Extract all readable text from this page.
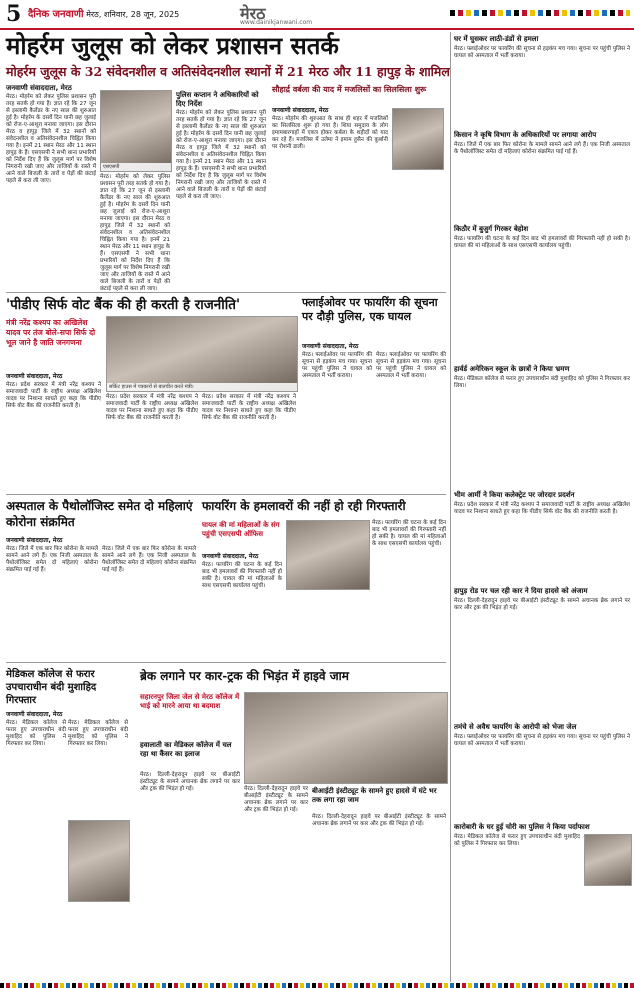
5 दैनिक जनवाणी मेरठ, शनिवार, 28 जून, 2025	मेरठ
www.dainikjanwani.com
मोहर्रम जुलूस को लेकर प्रशासन सतर्क
मोहर्रम जुलूस के 32 संवेदनशील व अतिसंवेदनशील स्थानों में 21 मेरठ और 11 हापुड़ के शामिल
जनवाणी संवाददाता, मेरठ
मेरठ। मोहर्रम को लेकर पुलिस प्रशासन पूरी तरह सतर्क हो गया है। ज्ञात रहे कि 27 जून से इस्लामी कैलेंडर के नए साल की शुरुआत हुई है। मोहर्रम के दसवें दिन यानी छह जुलाई को रोज-ए-आशूरा मनाया जाएगा। इस दौरान मेरठ व हापुड़ जिले में 32 स्थानों को संवेदनशील व अतिसंवेदनशील चिह्नित किया गया है। इनमें 21 स्थान मेरठ और 11 स्थान हापुड़ के हैं। एसएसपी ने सभी थाना प्रभारियों को निर्देश दिए हैं कि जुलूस मार्ग पर विशेष निगरानी रखी जाए और ताजियों के रास्ते में आने वाले बिजली के तारों व पेड़ों की छंटाई पहले से करा ली जाए।
एसएसपी
मेरठ। मोहर्रम को लेकर पुलिस प्रशासन पूरी तरह सतर्क हो गया है। ज्ञात रहे कि 27 जून से इस्लामी कैलेंडर के नए साल की शुरुआत हुई है। मोहर्रम के दसवें दिन यानी छह जुलाई को रोज-ए-आशूरा मनाया जाएगा। इस दौरान मेरठ व हापुड़ जिले में 32 स्थानों को संवेदनशील व अतिसंवेदनशील चिह्नित किया गया है। इनमें 21 स्थान मेरठ और 11 स्थान हापुड़ के हैं। एसएसपी ने सभी थाना प्रभारियों को निर्देश दिए हैं कि जुलूस मार्ग पर विशेष निगरानी रखी जाए और ताजियों के रास्ते में आने वाले बिजली के तारों व पेड़ों की छंटाई पहले से करा ली जाए।
पुलिस कप्तान ने अधिकारियों को दिए निर्देश
मेरठ। मोहर्रम को लेकर पुलिस प्रशासन पूरी तरह सतर्क हो गया है। ज्ञात रहे कि 27 जून से इस्लामी कैलेंडर के नए साल की शुरुआत हुई है। मोहर्रम के दसवें दिन यानी छह जुलाई को रोज-ए-आशूरा मनाया जाएगा। इस दौरान मेरठ व हापुड़ जिले में 32 स्थानों को संवेदनशील व अतिसंवेदनशील चिह्नित किया गया है। इनमें 21 स्थान मेरठ और 11 स्थान हापुड़ के हैं। एसएसपी ने सभी थाना प्रभारियों को निर्देश दिए हैं कि जुलूस मार्ग पर विशेष निगरानी रखी जाए और ताजियों के रास्ते में आने वाले बिजली के तारों व पेड़ों की छंटाई पहले से करा ली जाए।
सौहार्द्र वर्बला की याद में मजलिसों का सिलसिला शुरू
जनवाणी संवाददाता, मेरठ
मेरठ। मोहर्रम की शुरुआत के साथ ही शहर में मजलिसों का सिलसिला शुरू हो गया है। शिया समुदाय के लोग इमामबारगाहों में एकत्र होकर कर्बला के शहीदों को याद कर रहे हैं। मजलिस में उलेमा ने इमाम हुसैन की कुर्बानी पर रोशनी डाली।
'पीडीए सिर्फ वोट बैंक की ही करती है राजनीति'
मंत्री नरेंद्र कश्यप का अखिलेश यादव पर तंज बोले-सपा सिर्फ दो भूल जाने है जाति जनगणना
जनवाणी संवाददाता, मेरठ
मेरठ। प्रदेश सरकार में मंत्री नरेंद्र कश्यप ने समाजवादी पार्टी के राष्ट्रीय अध्यक्ष अखिलेश यादव पर निशाना साधते हुए कहा कि पीडीए सिर्फ वोट बैंक की राजनीति करती है।
सर्किट हाउस में पत्रकारों से बातचीत करते मंत्री।
मेरठ। प्रदेश सरकार में मंत्री नरेंद्र कश्यप ने समाजवादी पार्टी के राष्ट्रीय अध्यक्ष अखिलेश यादव पर निशाना साधते हुए कहा कि पीडीए सिर्फ वोट बैंक की राजनीति करती है।
मेरठ। प्रदेश सरकार में मंत्री नरेंद्र कश्यप ने समाजवादी पार्टी के राष्ट्रीय अध्यक्ष अखिलेश यादव पर निशाना साधते हुए कहा कि पीडीए सिर्फ वोट बैंक की राजनीति करती है।
फ्लाईओवर पर फायरिंग की सूचना पर दौड़ी पुलिस, एक घायल
जनवाणी संवाददाता, मेरठ
मेरठ। फ्लाईओवर पर फायरिंग की सूचना से हड़कंप मच गया। सूचना पर पहुंची पुलिस ने घायल को अस्पताल में भर्ती कराया।
मेरठ। फ्लाईओवर पर फायरिंग की सूचना से हड़कंप मच गया। सूचना पर पहुंची पुलिस ने घायल को अस्पताल में भर्ती कराया।
अस्पताल के पैथोलॉजिस्ट समेत दो महिलाएं कोरोना संक्रमित
जनवाणी संवाददाता, मेरठ
मेरठ। जिले में एक बार फिर कोरोना के मामले सामने आने लगे हैं। एक निजी अस्पताल के पैथोलॉजिस्ट समेत दो महिलाएं कोरोना संक्रमित पाई गई हैं।
मेरठ। जिले में एक बार फिर कोरोना के मामले सामने आने लगे हैं। एक निजी अस्पताल के पैथोलॉजिस्ट समेत दो महिलाएं कोरोना संक्रमित पाई गई हैं।
फायरिंग के हमलावरों की नहीं हो रही गिरफ्तारी
घायल की मां महिलाओं के संग पहुंची एसएसपी ऑफिस
जनवाणी संवाददाता, मेरठ
मेरठ। फायरिंग की घटना के कई दिन बाद भी हमलावरों की गिरफ्तारी नहीं हो सकी है। घायल की मां महिलाओं के साथ एसएसपी कार्यालय पहुंची।
मेरठ। फायरिंग की घटना के कई दिन बाद भी हमलावरों की गिरफ्तारी नहीं हो सकी है। घायल की मां महिलाओं के साथ एसएसपी कार्यालय पहुंची।
मेडिकल कॉलेज से फरार उपचाराधीन बंदी मुशाहिद गिरफ्तार
जनवाणी संवाददाता, मेरठ
मेरठ। मेडिकल कॉलेज से फरार हुए उपचाराधीन बंदी मुशाहिद को पुलिस ने गिरफ्तार कर लिया।
मेरठ। मेडिकल कॉलेज से फरार हुए उपचाराधीन बंदी मुशाहिद को पुलिस ने गिरफ्तार कर लिया।
ब्रेक लगाने पर कार-ट्रक की भिड़ंत में हाइवे जाम
सहारनपुर जिला जेल से मेरठ कॉलेज में भाई को मारने आया था बदमाश
हवालाती का मेडिकल कॉलेज में चल रहा था कैंसर का इलाज
मेरठ। दिल्ली-देहरादून हाइवे पर बीआईटी इंस्टीट्यूट के सामने अचानक ब्रेक लगाने पर कार और ट्रक की भिड़ंत हो गई।	बीआईटी इंस्टीट्यूट के सामने हुए हादसे में घंटे भर तक लगा रहा जाम
मेरठ। दिल्ली-देहरादून हाइवे पर बीआईटी इंस्टीट्यूट के सामने अचानक ब्रेक लगाने पर कार और ट्रक की भिड़ंत हो गई।
मेरठ। दिल्ली-देहरादून हाइवे पर बीआईटी इंस्टीट्यूट के सामने अचानक ब्रेक लगाने पर कार और ट्रक की भिड़ंत हो गई।
घर में घुसकर लाठी-डंडों से हमला
मेरठ। फ्लाईओवर पर फायरिंग की सूचना से हड़कंप मच गया। सूचना पर पहुंची पुलिस ने घायल को अस्पताल में भर्ती कराया।
किसान ने कृषि विभाग के अधिकारियों पर लगाया आरोप
मेरठ। जिले में एक बार फिर कोरोना के मामले सामने आने लगे हैं। एक निजी अस्पताल के पैथोलॉजिस्ट समेत दो महिलाएं कोरोना संक्रमित पाई गई हैं।
किठौर में बुजुर्ग गिरकर बेहोश
मेरठ। फायरिंग की घटना के कई दिन बाद भी हमलावरों की गिरफ्तारी नहीं हो सकी है। घायल की मां महिलाओं के साथ एसएसपी कार्यालय पहुंची।
हार्वर्ड अमेरिकन स्कूल के छात्रों ने किया भ्रमण
मेरठ। मेडिकल कॉलेज से फरार हुए उपचाराधीन बंदी मुशाहिद को पुलिस ने गिरफ्तार कर लिया।
भीम आर्मी ने किया कलेक्ट्रेट पर जोरदार प्रदर्शन
मेरठ। प्रदेश सरकार में मंत्री नरेंद्र कश्यप ने समाजवादी पार्टी के राष्ट्रीय अध्यक्ष अखिलेश यादव पर निशाना साधते हुए कहा कि पीडीए सिर्फ वोट बैंक की राजनीति करती है।
हापुड़ रोड पर चल रही कार ने दिया हादसे को अंजाम
मेरठ। दिल्ली-देहरादून हाइवे पर बीआईटी इंस्टीट्यूट के सामने अचानक ब्रेक लगाने पर कार और ट्रक की भिड़ंत हो गई।
तमंचे से अवैध फायरिंग के आरोपी को भेजा जेल
मेरठ। फ्लाईओवर पर फायरिंग की सूचना से हड़कंप मच गया। सूचना पर पहुंची पुलिस ने घायल को अस्पताल में भर्ती कराया।
कारोबारी के घर हुई चोरी का पुलिस ने किया पर्दाफाश
मेरठ। मेडिकल कॉलेज से फरार हुए उपचाराधीन बंदी मुशाहिद को पुलिस ने गिरफ्तार कर लिया।
